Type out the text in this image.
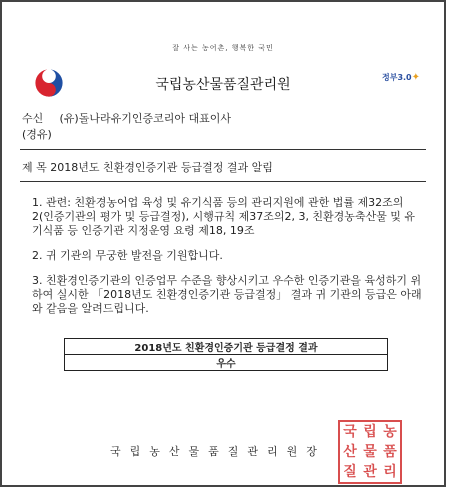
잘 사는 농어촌, 행복한 국민
국립농산물품질관리원	정부3.0✦
수신 (유)돌나라유기인증코리아 대표이사
(경유)
제 목 2018년도 친환경인증기관 등급결정 결과 알림

1. 관련: 친환경농어업 육성 및 유기식품 등의 관리지원에 관한 법률 제32조의 2(인증기관의 평가 및 등급결정), 시행규칙 제37조의2, 3, 친환경농축산물 및 유기식품 등 인증기관 지정운영 요령 제18, 19조

2. 귀 기관의 무궁한 발전을 기원합니다.

3. 친환경인증기관의 인증업무 수준을 향상시키고 우수한 인증기관을 육성하기 위하여 실시한 「2018년도 친환경인증기관 등급결정」 결과 귀 기관의 등급은 아래와 같음을 알려드립니다.

2018년도 친환경인증기관 등급결정 결과
우수
국립농산물품질관리원장
국 립 농
산 물 품
질 관 리
